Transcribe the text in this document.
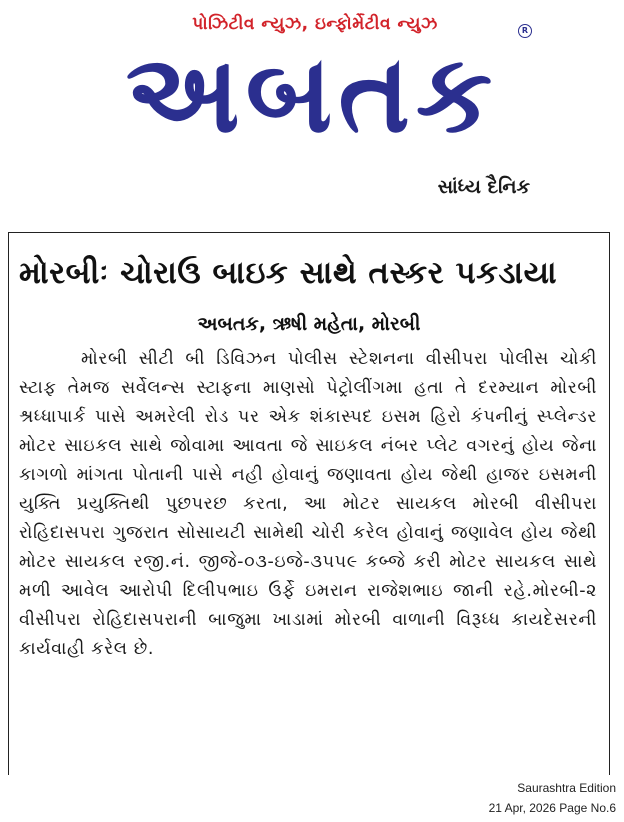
પોઝિટીવ ન્યુઝ, ઇન્ફોર્મેટીવ ન્યુઝ
અબતક
R
સાંધ્ય દૈનિક
મોરબીઃ ચોરાઉ બાઇક સાથે તસ્કર પકડાયા
અબતક, ઋષી મહેતા, મોરબી
મોરબી સીટી બી ડિવિઝન પોલીસ સ્ટેશનના વીસીપરા પોલીસ ચોકી સ્ટાફ તેમજ સર્વેલન્સ સ્ટાફના માણસો પેટ્રોલીંગમા હતા તે દરમ્યાન મોરબી શ્રધ્ધાપાર્ક પાસે અમરેલી રોડ પર એક શંકાસ્પદ ઇસમ હિરો કંપનીનું સ્પ્લેન્ડર મોટર સાઇકલ સાથે જોવામા આવતા જે સાઇકલ નંબર પ્લેટ વગરનું હોય જેના કાગળો માંગતા પોતાની પાસે નહી હોવાનું જણાવતા હોય જેથી હાજર ઇસમની યુક્તિ પ્રયુક્તિથી પુછપરછ કરતા, આ મોટર સાયકલ મોરબી વીસીપરા રોહિદાસપરા ગુજરાત સોસાયટી સામેથી ચોરી કરેલ હોવાનું જણાવેલ હોય જેથી મોટર સાયકલ રજી.નં. જીજે-૦૩-ઇજે-૩૫૫૯ કબ્જે કરી મોટર સાયકલ સાથે મળી આવેલ આરોપી દિલીપભાઇ ઉર્ફે ઇમરાન રાજેશભાઇ જાની રહે.મોરબી-૨ વીસીપરા રોહિદાસપરાની બાજુમા ખાડામાં મોરબી વાળાની વિરૂધ્ધ કાયદેસરની કાર્યવાહી કરેલ છે.
Saurashtra Edition
21 Apr, 2026 Page No.6
